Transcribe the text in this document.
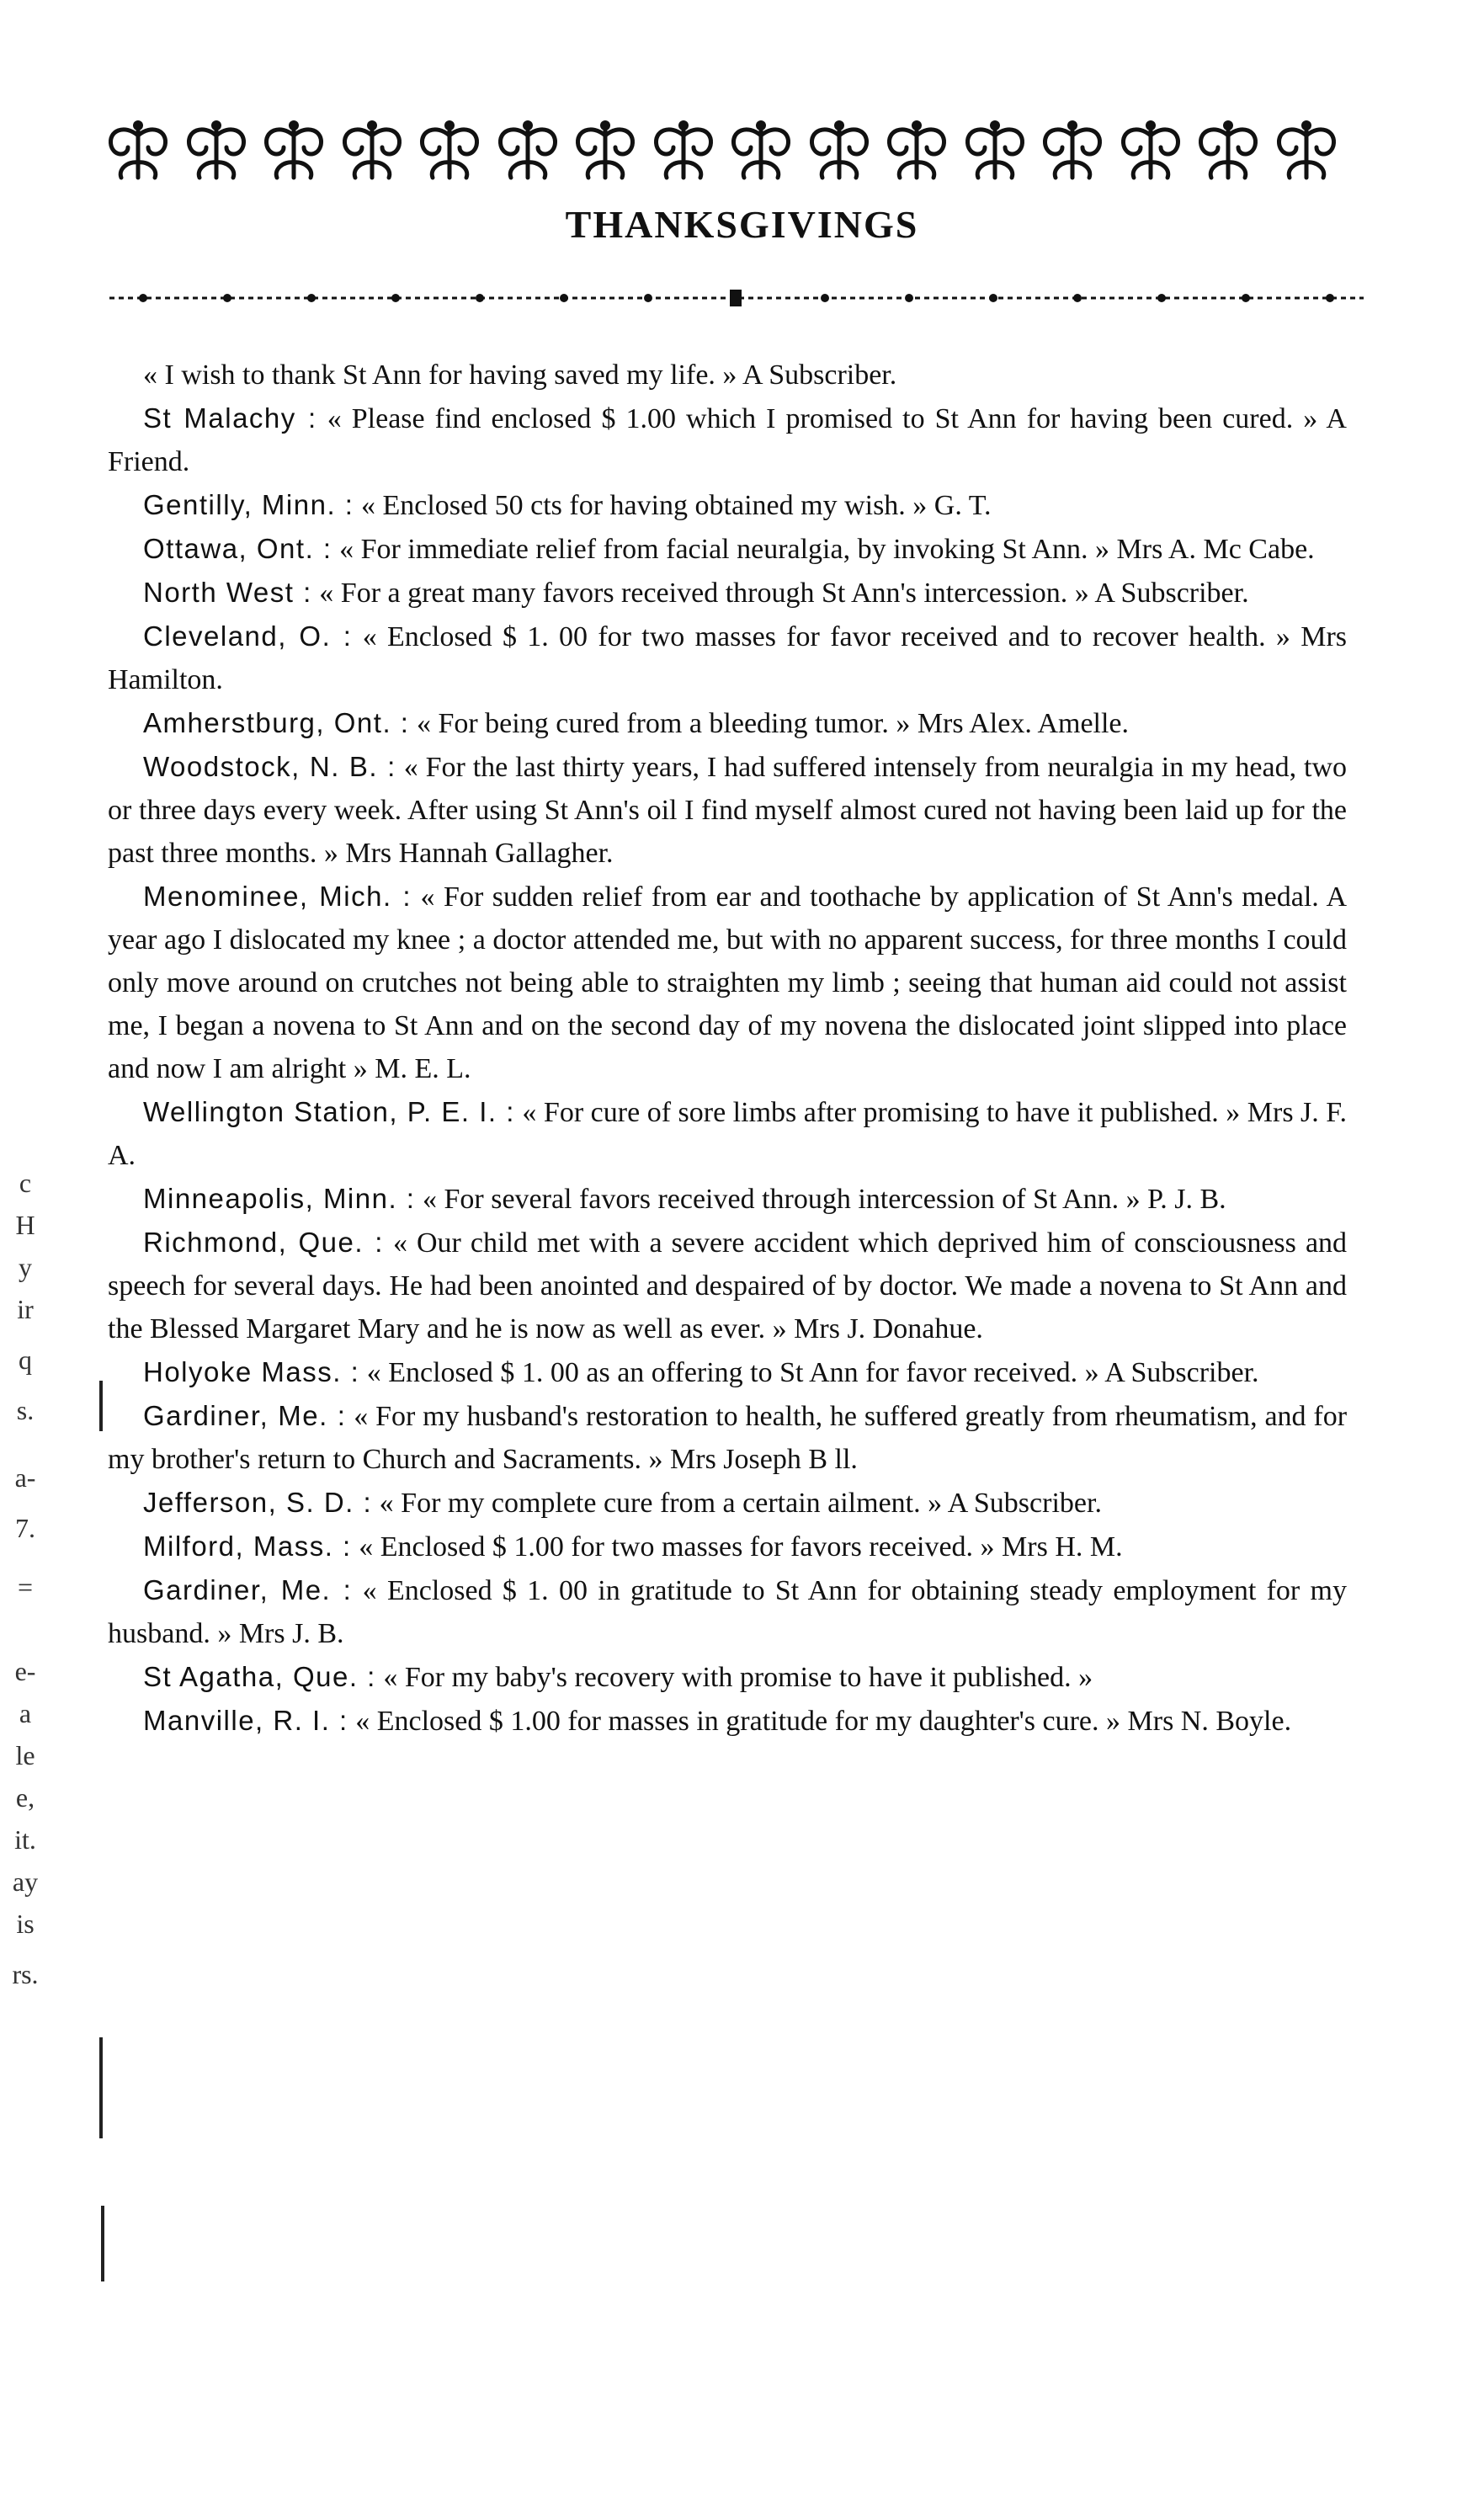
THANKSGIVINGS
c
H
y
ir
q
s.
a-
7.
=
e-
a
le
e,
it.
ay
is
rs.

« I wish to thank St Ann for having saved my life. » A Subscriber.

St Malachy : « Please find enclosed $ 1.00 which I promised to St Ann for having been cured. » A Friend.

Gentilly, Minn. : « Enclosed 50 cts for having obtained my wish. » G. T.

Ottawa, Ont. : « For immediate relief from facial neuralgia, by invoking St Ann. » Mrs A. Mc Cabe.

North West : « For a great many favors received through St Ann's intercession. » A Subscriber.

Cleveland, O. : « Enclosed $ 1. 00 for two masses for favor received and to recover health. » Mrs Hamilton.

Amherstburg, Ont. : « For being cured from a bleeding tumor. » Mrs Alex. Amelle.

Woodstock, N. B. : « For the last thirty years, I had suffered intensely from neuralgia in my head, two or three days every week. After using St Ann's oil I find myself almost cured not having been laid up for the past three months. » Mrs Hannah Gallagher.

Menominee, Mich. : « For sudden relief from ear and toothache by application of St Ann's medal. A year ago I dislocated my knee ; a doctor attended me, but with no apparent success, for three months I could only move around on crutches not being able to straighten my limb ; seeing that human aid could not assist me, I began a novena to St Ann and on the second day of my novena the dislocated joint slipped into place and now I am alright » M. E. L.

Wellington Station, P. E. I. : « For cure of sore limbs after promising to have it published. » Mrs J. F. A.

Minneapolis, Minn. : « For several favors received through intercession of St Ann. » P. J. B.

Richmond, Que. : « Our child met with a severe accident which deprived him of consciousness and speech for several days. He had been anointed and despaired of by doctor. We made a novena to St Ann and the Blessed Margaret Mary and he is now as well as ever. » Mrs J. Donahue.

Holyoke Mass. : « Enclosed $ 1. 00 as an offering to St Ann for favor received. » A Subscriber.

Gardiner, Me. : « For my husband's restoration to health, he suffered greatly from rheumatism, and for my brother's return to Church and Sacraments. » Mrs Joseph B ll.

Jefferson, S. D. : « For my complete cure from a certain ailment. » A Subscriber.

Milford, Mass. : « Enclosed $ 1.00 for two masses for favors received. » Mrs H. M.

Gardiner, Me. : « Enclosed $ 1. 00 in gratitude to St Ann for obtaining steady employment for my husband. » Mrs J. B.

St Agatha, Que. : « For my baby's recovery with promise to have it published. »

Manville, R. I. : « Enclosed $ 1.00 for masses in gratitude for my daughter's cure. » Mrs N. Boyle.
